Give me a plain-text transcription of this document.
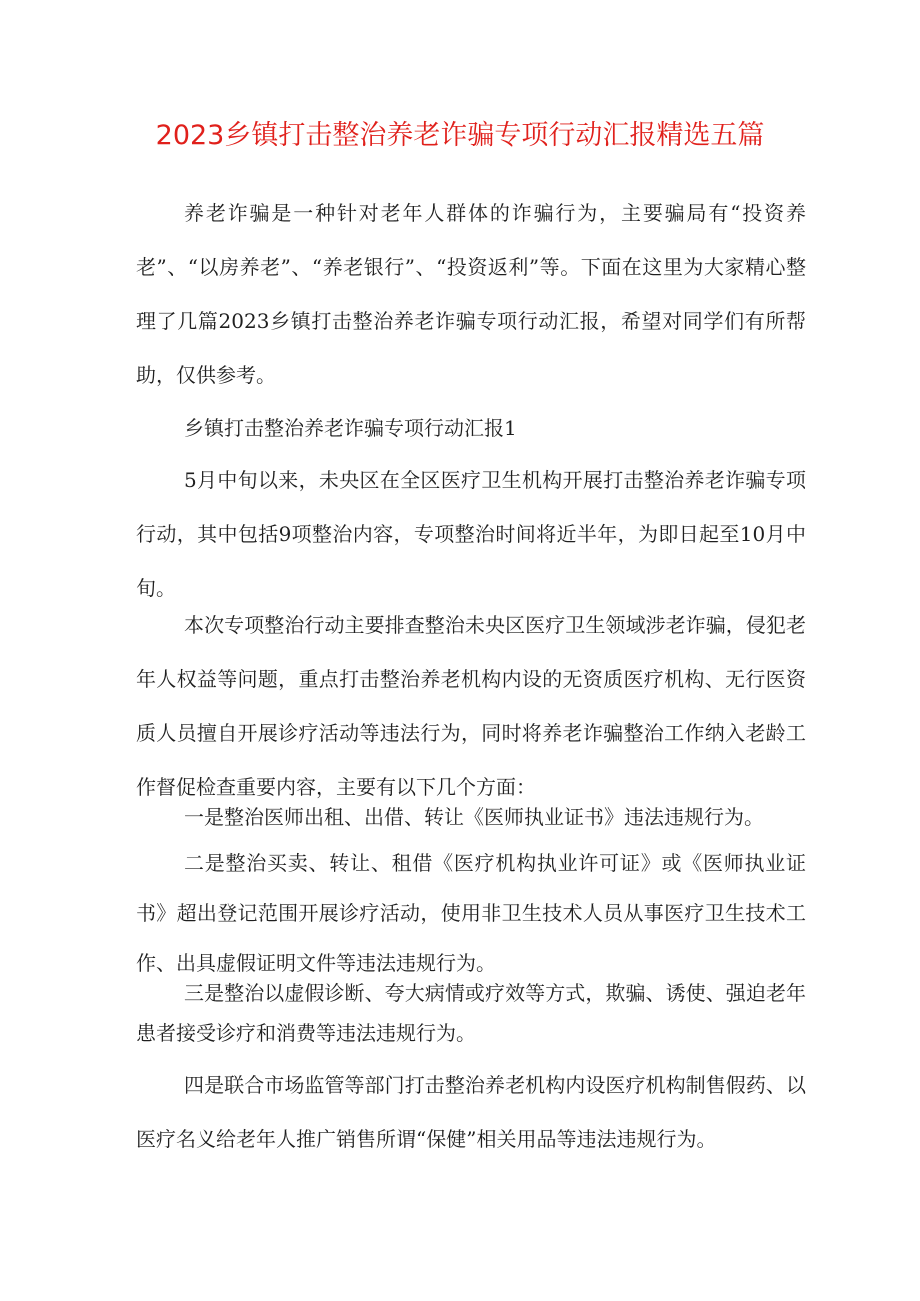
2023乡镇打击整治养老诈骗专项行动汇报精选五篇

养老诈骗是一种针对老年人群体的诈骗行为，主要骗局有“投资养老”、“以房养老”、“养老银行”、“投资返利”等。下面在这里为大家精心整理了几篇2023乡镇打击整治养老诈骗专项行动汇报，希望对同学们有所帮助，仅供参考。

乡镇打击整治养老诈骗专项行动汇报1

5月中旬以来，未央区在全区医疗卫生机构开展打击整治养老诈骗专项行动，其中包括9项整治内容，专项整治时间将近半年，为即日起至10月中旬。

本次专项整治行动主要排查整治未央区医疗卫生领域涉老诈骗，侵犯老年人权益等问题，重点打击整治养老机构内设的无资质医疗机构、无行医资质人员擅自开展诊疗活动等违法行为，同时将养老诈骗整治工作纳入老龄工作督促检查重要内容，主要有以下几个方面：

一是整治医师出租、出借、转让《医师执业证书》违法违规行为。

二是整治买卖、转让、租借《医疗机构执业许可证》或《医师执业证书》超出登记范围开展诊疗活动，使用非卫生技术人员从事医疗卫生技术工作、出具虚假证明文件等违法违规行为。

三是整治以虚假诊断、夸大病情或疗效等方式，欺骗、诱使、强迫老年患者接受诊疗和消费等违法违规行为。

四是联合市场监管等部门打击整治养老机构内设医疗机构制售假药、以医疗名义给老年人推广销售所谓“保健”相关用品等违法违规行为。
